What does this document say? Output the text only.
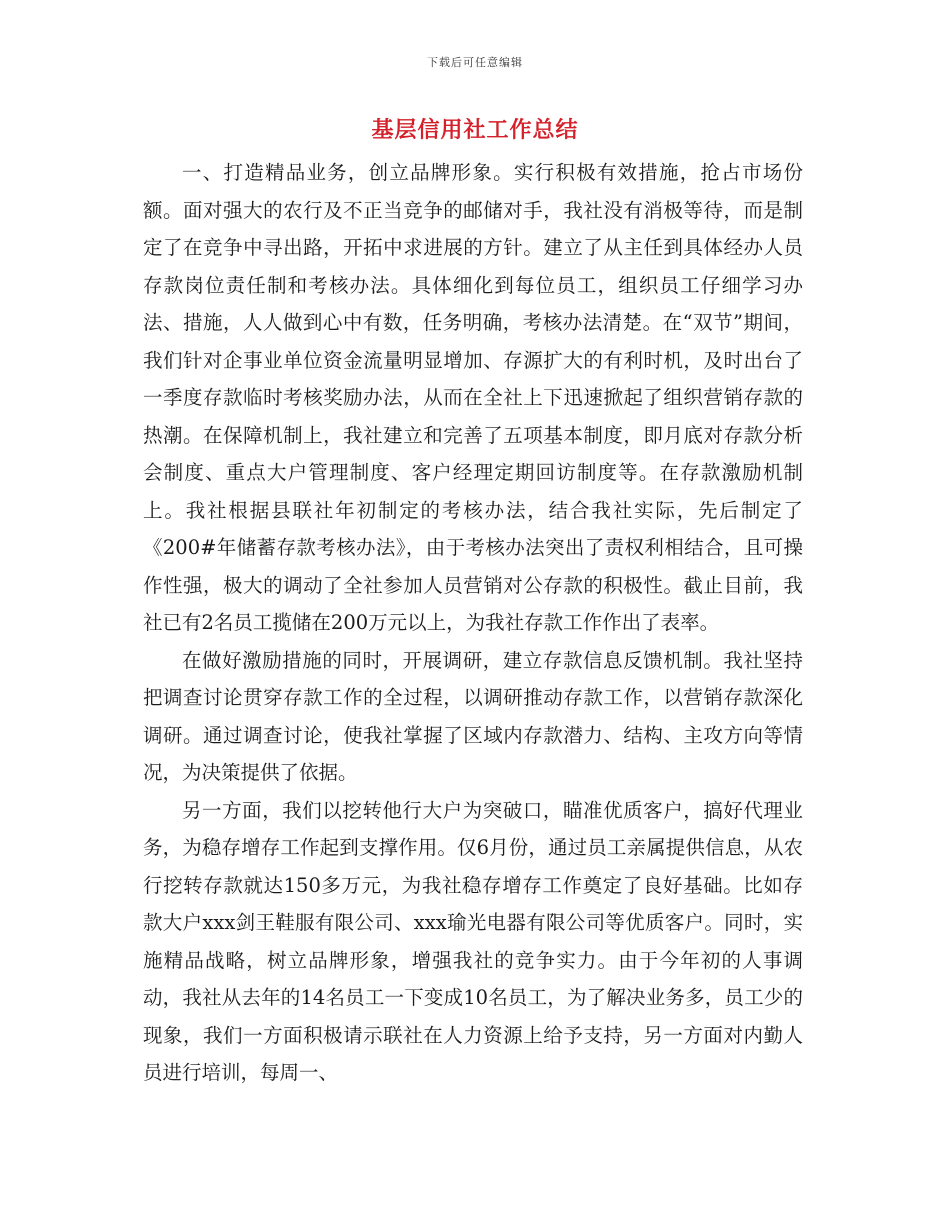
下载后可任意编辑
基层信用社工作总结

一、打造精品业务，创立品牌形象。实行积极有效措施，抢占市场份额。面对强大的农行及不正当竞争的邮储对手，我社没有消极等待，而是制定了在竞争中寻出路，开拓中求进展的方针。建立了从主任到具体经办人员存款岗位责任制和考核办法。具体细化到每位员工，组织员工仔细学习办法、措施，人人做到心中有数，任务明确，考核办法清楚。在“双节”期间，我们针对企事业单位资金流量明显增加、存源扩大的有利时机，及时出台了一季度存款临时考核奖励办法，从而在全社上下迅速掀起了组织营销存款的热潮。在保障机制上，我社建立和完善了五项基本制度，即月底对存款分析会制度、重点大户管理制度、客户经理定期回访制度等。在存款激励机制上。我社根据县联社年初制定的考核办法，结合我社实际，先后制定了《200#年储蓄存款考核办法》，由于考核办法突出了责权利相结合，且可操作性强，极大的调动了全社参加人员营销对公存款的积极性。截止目前，我社已有2名员工揽储在200万元以上，为我社存款工作作出了表率。

在做好激励措施的同时，开展调研，建立存款信息反馈机制。我社坚持把调查讨论贯穿存款工作的全过程，以调研推动存款工作，以营销存款深化调研。通过调查讨论，使我社掌握了区域内存款潜力、结构、主攻方向等情况，为决策提供了依据。

另一方面，我们以挖转他行大户为突破口，瞄准优质客户，搞好代理业务，为稳存增存工作起到支撑作用。仅6月份，通过员工亲属提供信息，从农行挖转存款就达150多万元，为我社稳存增存工作奠定了良好基础。比如存款大户xxx剑王鞋服有限公司、xxx瑜光电器有限公司等优质客户。同时，实施精品战略，树立品牌形象，增强我社的竞争实力。由于今年初的人事调动，我社从去年的14名员工一下变成10名员工，为了解决业务多，员工少的现象，我们一方面积极请示联社在人力资源上给予支持，另一方面对内勤人员进行培训，每周一、
